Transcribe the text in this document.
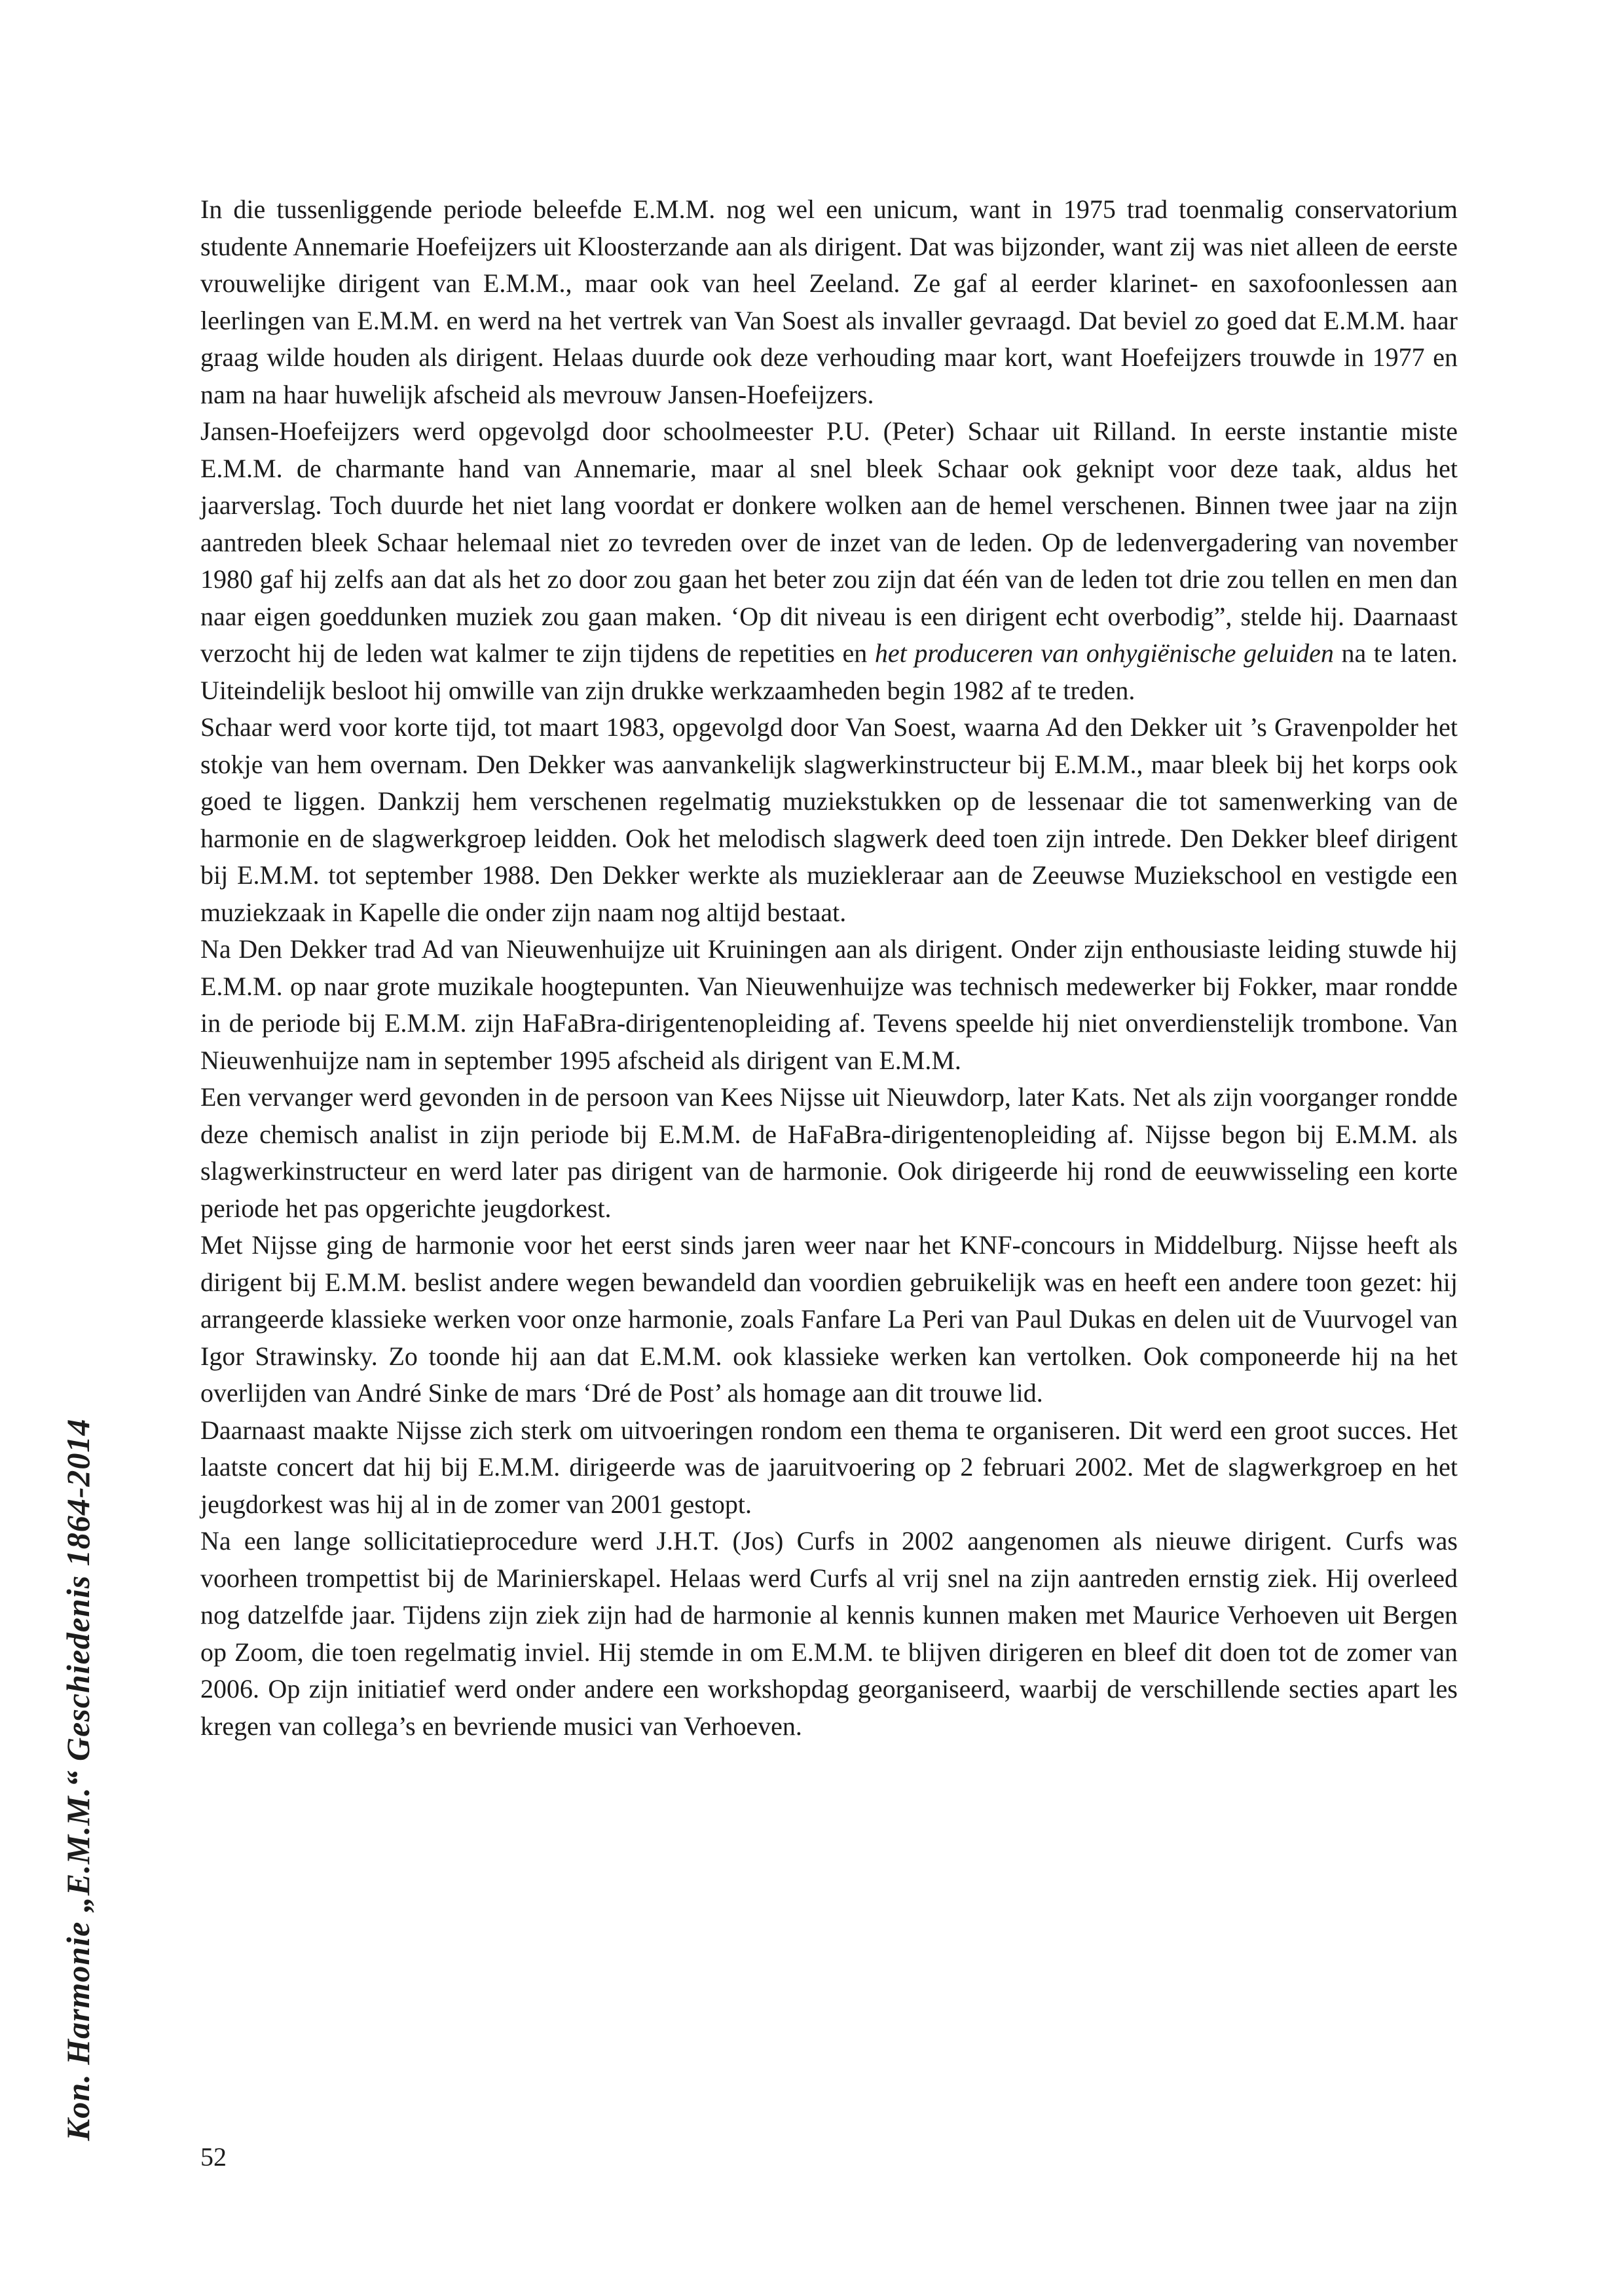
Kon. Harmonie „E.M.M.“ Geschiedenis 1864-2014

In die tussenliggende periode beleefde E.M.M. nog wel een unicum, want in 1975 trad toenmalig conservatorium studente Annemarie Hoefeijzers uit Kloosterzande aan als dirigent. Dat was bijzonder, want zij was niet alleen de eerste vrouwelijke dirigent van E.M.M., maar ook van heel Zeeland. Ze gaf al eerder klarinet- en saxofoonlessen aan leerlingen van E.M.M. en werd na het vertrek van Van Soest als invaller gevraagd. Dat beviel zo goed dat E.M.M. haar graag wilde houden als dirigent. Helaas duurde ook deze verhouding maar kort, want Hoefeijzers trouwde in 1977 en nam na haar huwelijk afscheid als mevrouw Jansen-Hoefeijzers.

Jansen-Hoefeijzers werd opgevolgd door schoolmeester P.U. (Peter) Schaar uit Rilland. In eerste instantie miste E.M.M. de charmante hand van Annemarie, maar al snel bleek Schaar ook geknipt voor deze taak, aldus het jaarverslag. Toch duurde het niet lang voordat er donkere wolken aan de hemel verschenen. Binnen twee jaar na zijn aantreden bleek Schaar helemaal niet zo tevreden over de inzet van de leden. Op de ledenvergadering van november 1980 gaf hij zelfs aan dat als het zo door zou gaan het beter zou zijn dat één van de leden tot drie zou tellen en men dan naar eigen goeddunken muziek zou gaan maken. ‘Op dit niveau is een dirigent echt overbodig”, stelde hij. Daarnaast verzocht hij de leden wat kalmer te zijn tijdens de repetities en het produceren van onhygiënische geluiden na te laten. Uiteindelijk besloot hij omwille van zijn drukke werkzaamheden begin 1982 af te treden.

Schaar werd voor korte tijd, tot maart 1983, opgevolgd door Van Soest, waarna Ad den Dekker uit ’s Gravenpolder het stokje van hem overnam. Den Dekker was aanvankelijk slagwerkinstructeur bij E.M.M., maar bleek bij het korps ook goed te liggen. Dankzij hem verschenen regelmatig muziekstukken op de lessenaar die tot samenwerking van de harmonie en de slagwerkgroep leidden. Ook het melodisch slagwerk deed toen zijn intrede. Den Dekker bleef dirigent bij E.M.M. tot september 1988. Den Dekker werkte als muziekleraar aan de Zeeuwse Muziekschool en vestigde een muziekzaak in Kapelle die onder zijn naam nog altijd bestaat.

Na Den Dekker trad Ad van Nieuwenhuijze uit Kruiningen aan als dirigent. Onder zijn enthousiaste leiding stuwde hij E.M.M. op naar grote muzikale hoogtepunten. Van Nieuwenhuijze was technisch medewerker bij Fokker, maar rondde in de periode bij E.M.M. zijn HaFaBra-dirigentenopleiding af. Tevens speelde hij niet onverdienstelijk trombone. Van Nieuwenhuijze nam in september 1995 afscheid als dirigent van E.M.M.

Een vervanger werd gevonden in de persoon van Kees Nijsse uit Nieuwdorp, later Kats. Net als zijn voorganger rondde deze chemisch analist in zijn periode bij E.M.M. de HaFaBra-dirigentenopleiding af. Nijsse begon bij E.M.M. als slagwerkinstructeur en werd later pas dirigent van de harmonie. Ook dirigeerde hij rond de eeuwwisseling een korte periode het pas opgerichte jeugdorkest.

Met Nijsse ging de harmonie voor het eerst sinds jaren weer naar het KNF-concours in Middelburg. Nijsse heeft als dirigent bij E.M.M. beslist andere wegen bewandeld dan voordien gebruikelijk was en heeft een andere toon gezet: hij arrangeerde klassieke werken voor onze harmonie, zoals Fanfare La Peri van Paul Dukas en delen uit de Vuurvogel van Igor Strawinsky. Zo toonde hij aan dat E.M.M. ook klassieke werken kan vertolken. Ook componeerde hij na het overlijden van André Sinke de mars ‘Dré de Post’ als homage aan dit trouwe lid.

Daarnaast maakte Nijsse zich sterk om uitvoeringen rondom een thema te organiseren. Dit werd een groot succes. Het laatste concert dat hij bij E.M.M. dirigeerde was de jaaruitvoering op 2 februari 2002. Met de slagwerkgroep en het jeugdorkest was hij al in de zomer van 2001 gestopt.

Na een lange sollicitatieprocedure werd J.H.T. (Jos) Curfs in 2002 aangenomen als nieuwe dirigent. Curfs was voorheen trompettist bij de Marinierskapel. Helaas werd Curfs al vrij snel na zijn aantreden ernstig ziek. Hij overleed nog datzelfde jaar. Tijdens zijn ziek zijn had de harmonie al kennis kunnen maken met Maurice Verhoeven uit Bergen op Zoom, die toen regelmatig inviel. Hij stemde in om E.M.M. te blijven dirigeren en bleef dit doen tot de zomer van 2006. Op zijn initiatief werd onder andere een workshopdag georganiseerd, waarbij de verschillende secties apart les kregen van collega’s en bevriende musici van Verhoeven.

52
